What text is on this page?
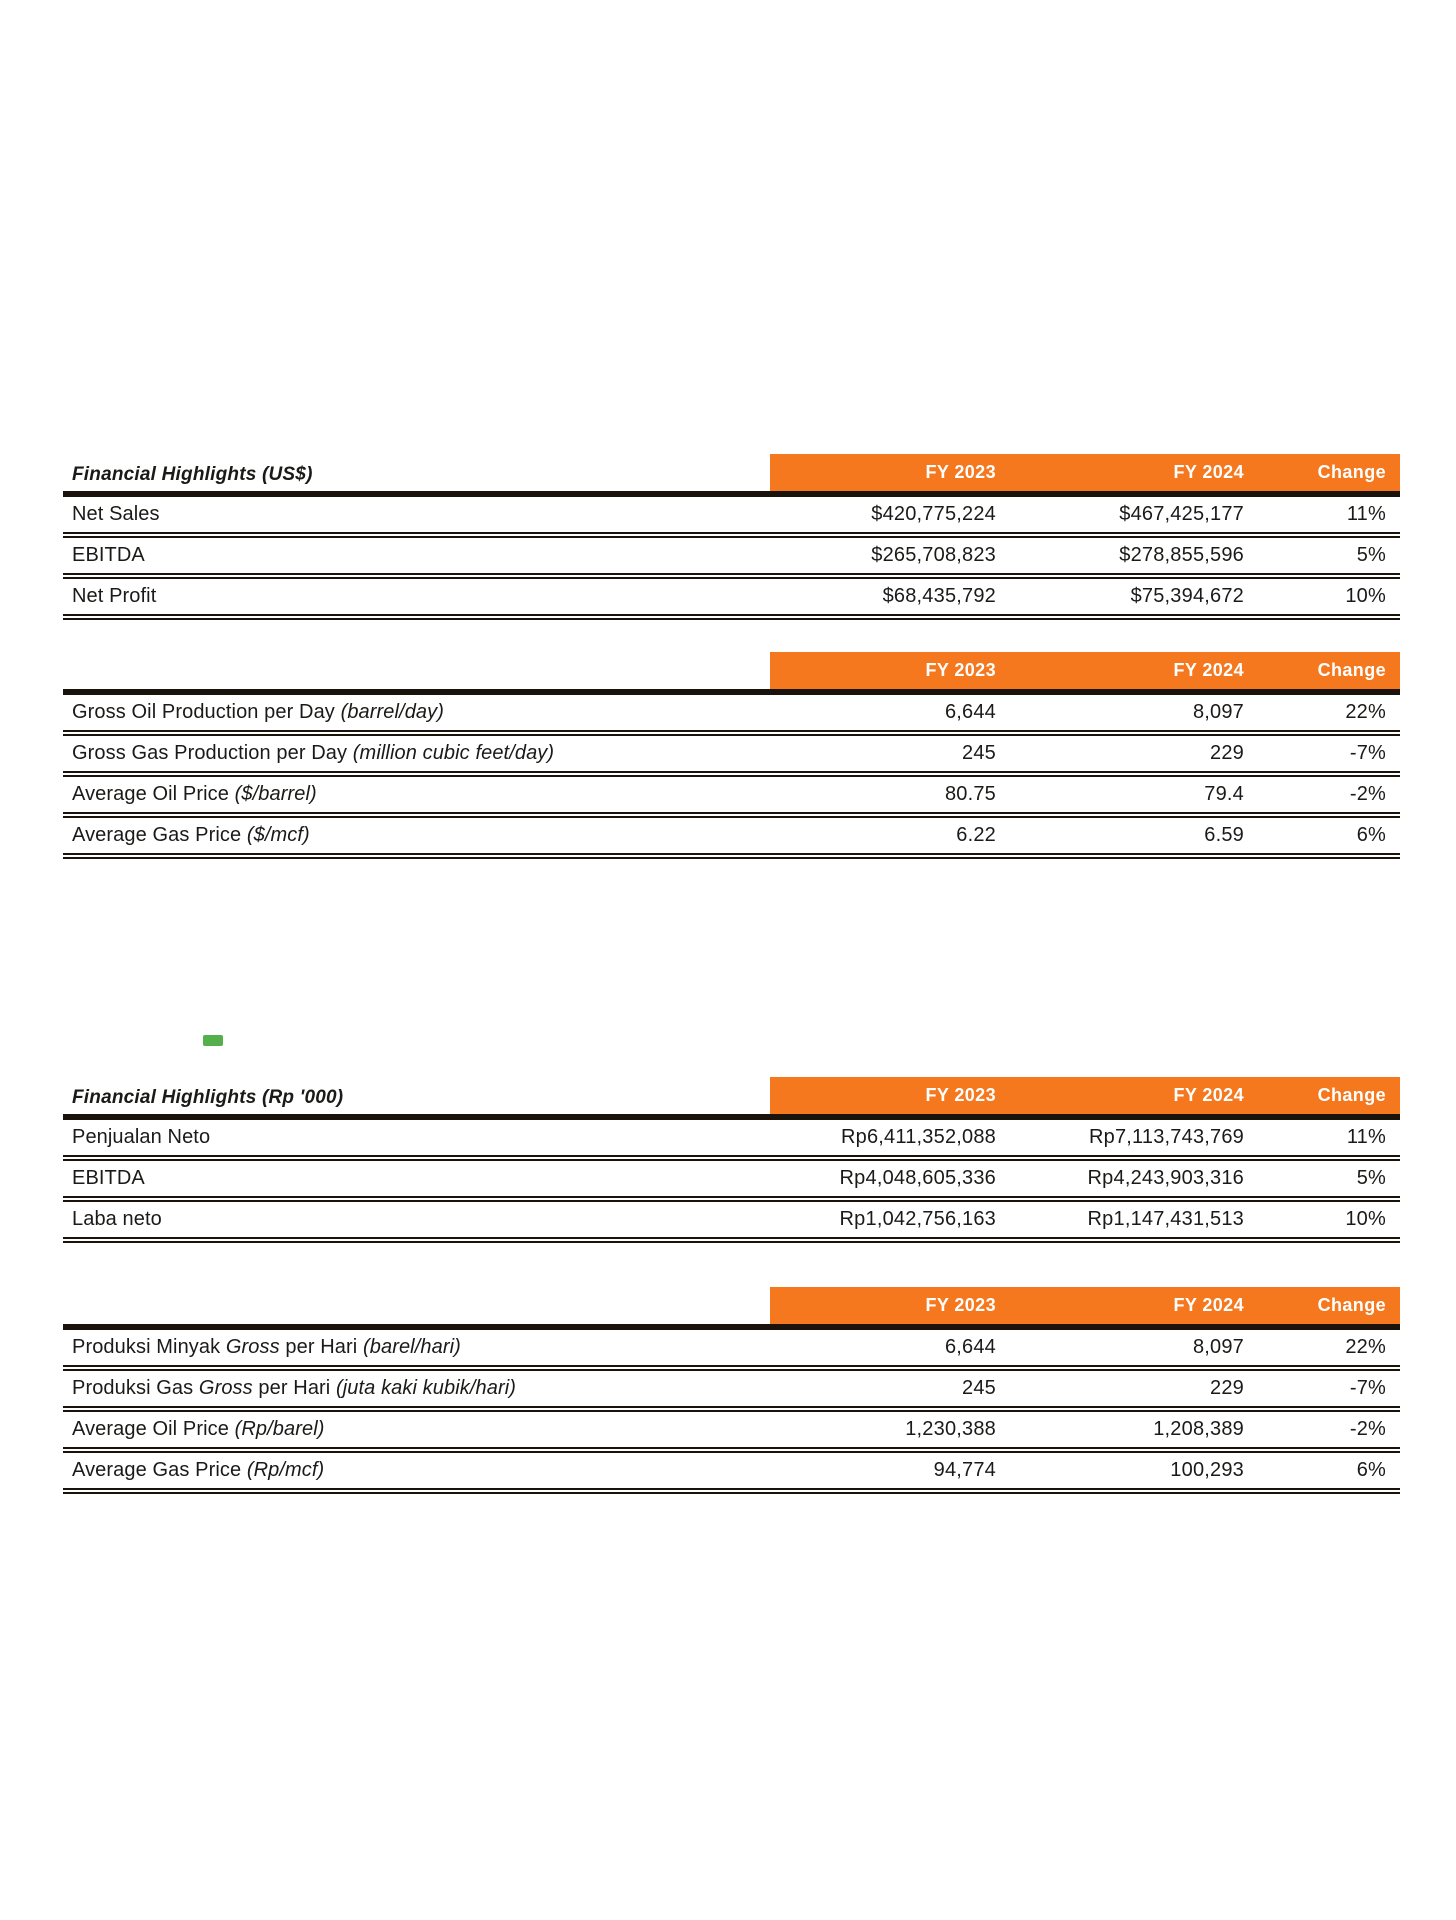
Financial Highlights (US$)	FY 2023	FY 2024	Change
Net Sales	$420,775,224	$467,425,177	11%
EBITDA	$265,708,823	$278,855,596	5%
Net Profit	$68,435,792	$75,394,672	10%
FY 2023	FY 2024	Change
Gross Oil Production per Day (barrel/day)	6,644	8,097	22%
Gross Gas Production per Day (million cubic feet/day)	245	229	-7%
Average Oil Price ($/barrel)	80.75	79.4	-2%
Average Gas Price ($/mcf)	6.22	6.59	6%
Financial Highlights (Rp '000)	FY 2023	FY 2024	Change
Penjualan Neto	Rp6,411,352,088	Rp7,113,743,769	11%
EBITDA	Rp4,048,605,336	Rp4,243,903,316	5%
Laba neto	Rp1,042,756,163	Rp1,147,431,513	10%
FY 2023	FY 2024	Change
Produksi Minyak Gross per Hari (barel/hari)	6,644	8,097	22%
Produksi Gas Gross per Hari (juta kaki kubik/hari)	245	229	-7%
Average Oil Price (Rp/barel)	1,230,388	1,208,389	-2%
Average Gas Price (Rp/mcf)	94,774	100,293	6%
